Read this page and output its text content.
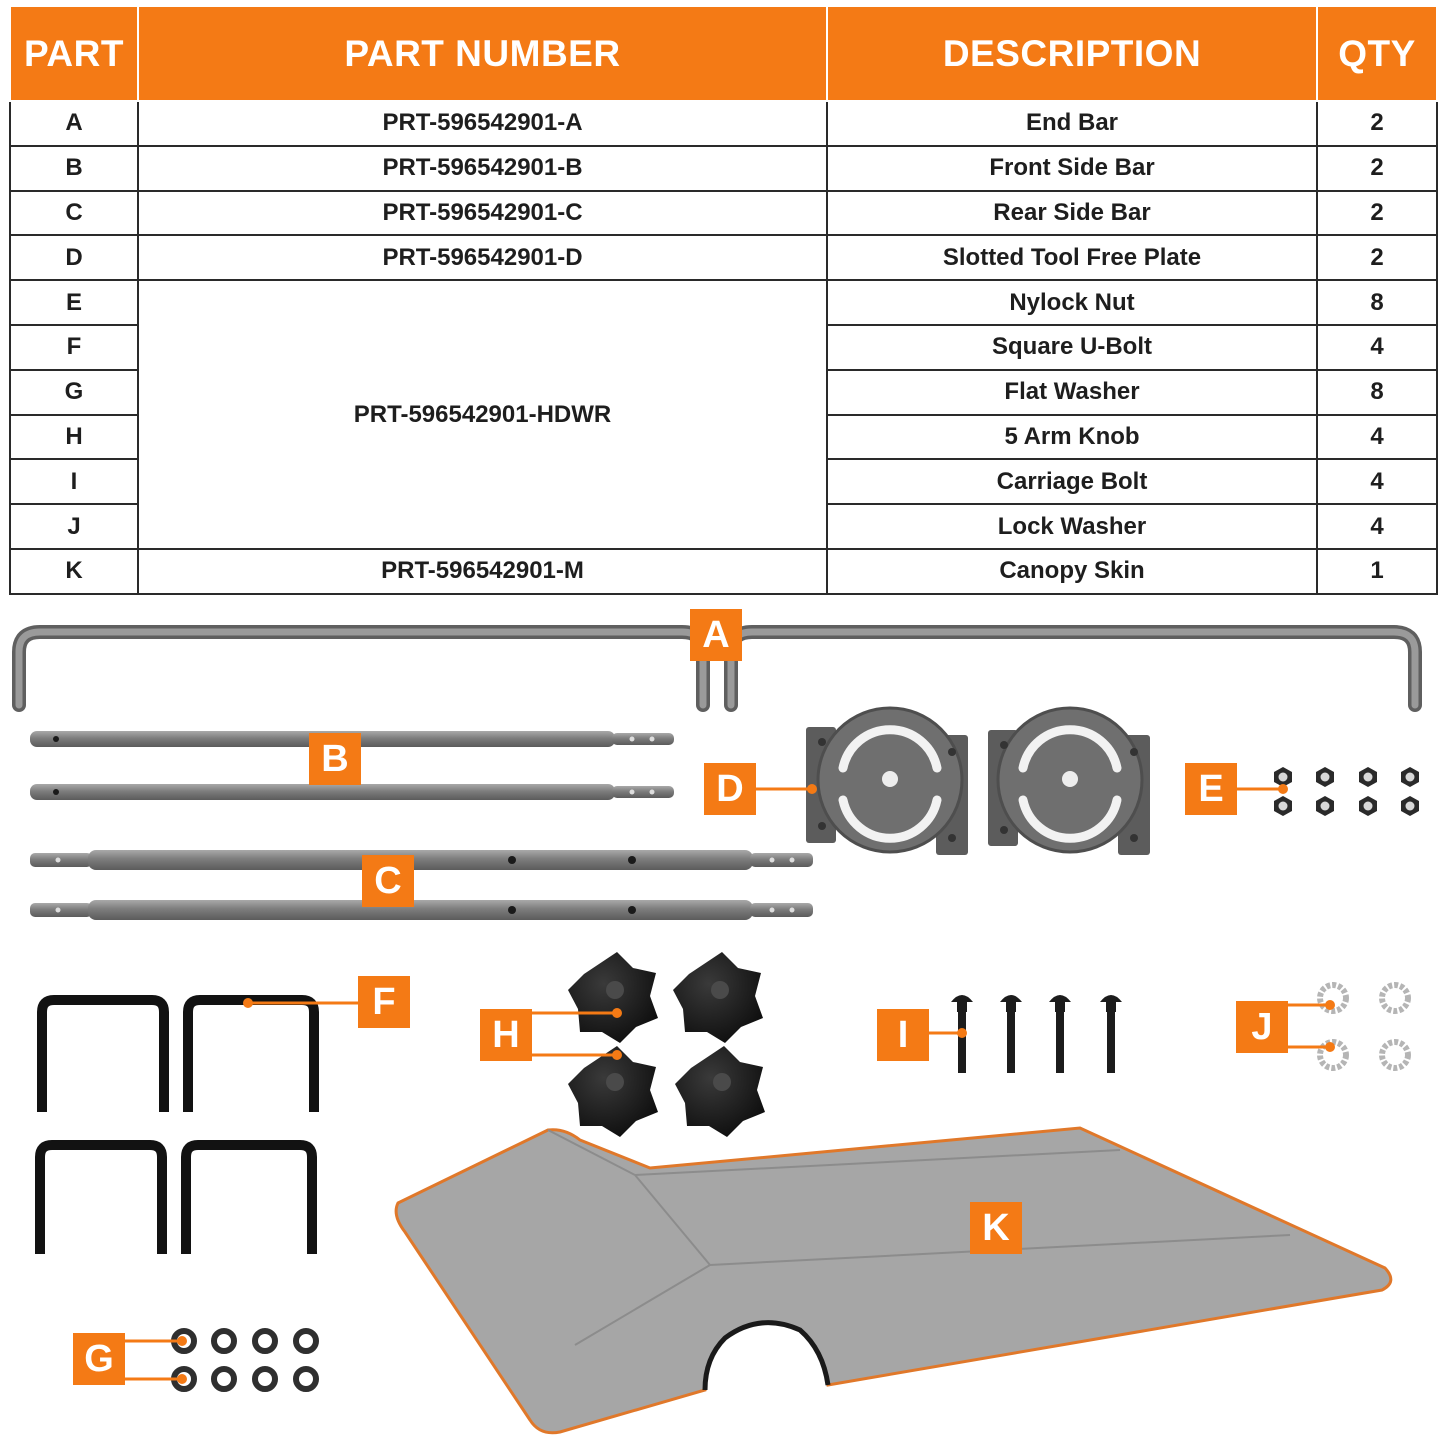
PART	PART NUMBER	DESCRIPTION	QTY
A	PRT-596542901-A	End Bar	2
B	PRT-596542901-B	Front Side Bar	2
C	PRT-596542901-C	Rear Side Bar	2
D	PRT-596542901-D	Slotted Tool Free Plate	2
E	PRT-596542901-HDWR	Nylock Nut	8
F		Square U-Bolt	4
G		Flat Washer	8
H		5 Arm Knob	4
I		Carriage Bolt	4
J		Lock Washer	4
K	PRT-596542901-M	Canopy Skin	1
A
B
C
D	E
F
G
H	I	J
K
